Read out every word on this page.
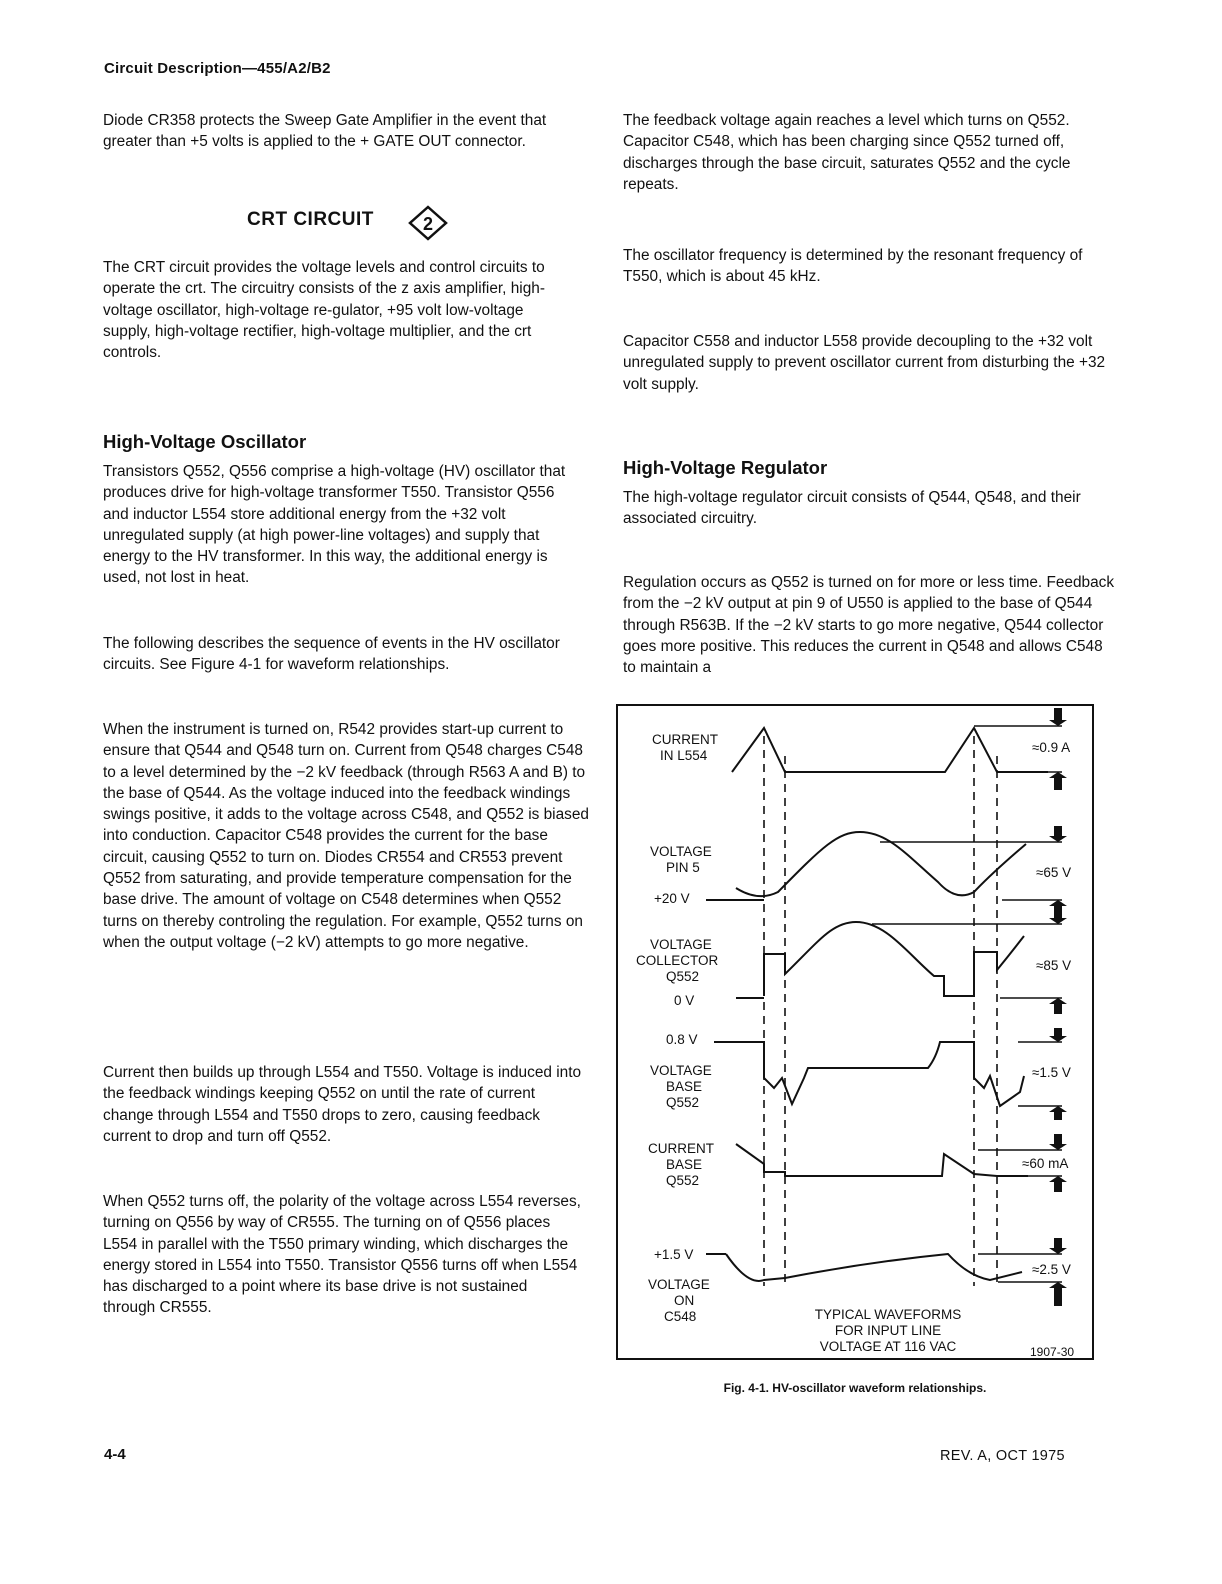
Circuit Description—455/A2/B2

Diode CR358 protects the Sweep Gate Amplifier in the event that greater than +5 volts is applied to the + GATE OUT connector.

CRT CIRCUIT	2

The CRT circuit provides the voltage levels and control circuits to operate the crt. The circuitry consists of the z axis amplifier, high-voltage oscillator, high-voltage re-gulator, +95 volt low-voltage supply, high-voltage rectifier, high-voltage multiplier, and the crt controls.

High-Voltage Oscillator

Transistors Q552, Q556 comprise a high-voltage (HV) oscillator that produces drive for high-voltage transformer T550. Transistor Q556 and inductor L554 store additional energy from the +32 volt unregulated supply (at high power-line voltages) and supply that energy to the HV transformer. In this way, the additional energy is used, not lost in heat.

The following describes the sequence of events in the HV oscillator circuits. See Figure 4-1 for waveform relationships.

When the instrument is turned on, R542 provides start-up current to ensure that Q544 and Q548 turn on. Current from Q548 charges C548 to a level determined by the −2 kV feedback (through R563 A and B) to the base of Q544. As the voltage induced into the feedback windings swings positive, it adds to the voltage across C548, and Q552 is biased into conduction. Capacitor C548 provides the current for the base circuit, causing Q552 to turn on. Diodes CR554 and CR553 prevent Q552 from saturating, and provide temperature compensation for the base drive. The amount of voltage on C548 determines when Q552 turns on thereby controling the regulation. For example, Q552 turns on when the output voltage (−2 kV) attempts to go more negative.

Current then builds up through L554 and T550. Voltage is induced into the feedback windings keeping Q552 on until the rate of current change through L554 and T550 drops to zero, causing feedback current to drop and turn off Q552.

When Q552 turns off, the polarity of the voltage across L554 reverses, turning on Q556 by way of CR555. The turning on of Q556 places L554 in parallel with the T550 primary winding, which discharges the energy stored in L554 into T550. Transistor Q556 turns off when L554 has discharged to a point where its base drive is not sustained through CR555.

The feedback voltage again reaches a level which turns on Q552. Capacitor C548, which has been charging since Q552 turned off, discharges through the base circuit, saturates Q552 and the cycle repeats.

The oscillator frequency is determined by the resonant frequency of T550, which is about 45 kHz.

Capacitor C558 and inductor L558 provide decoupling to the +32 volt unregulated supply to prevent oscillator current from disturbing the +32 volt supply.

High-Voltage Regulator

The high-voltage regulator circuit consists of Q544, Q548, and their associated circuitry.

Regulation occurs as Q552 is turned on for more or less time. Feedback from the −2 kV output at pin 9 of U550 is applied to the base of Q544 through R563B. If the −2 kV starts to go more negative, Q544 collector goes more positive. This reduces the current in Q548 and allows C548 to maintain a

CURRENT
IN L554
VOLTAGE
PIN 5
+20 V
VOLTAGE
COLLECTOR
Q552
0 V
0.8 V
VOLTAGE
BASE
Q552
CURRENT
BASE
Q552
+1.5 V
VOLTAGE
ON
C548
≈0.9 A
≈65 V
≈85 V
≈1.5 V
≈60 mA
≈2.5 V
TYPICAL WAVEFORMS
FOR INPUT LINE
VOLTAGE AT 116 VAC	1907-30
Fig. 4-1. HV-oscillator waveform relationships.
4-4	REV. A, OCT 1975
